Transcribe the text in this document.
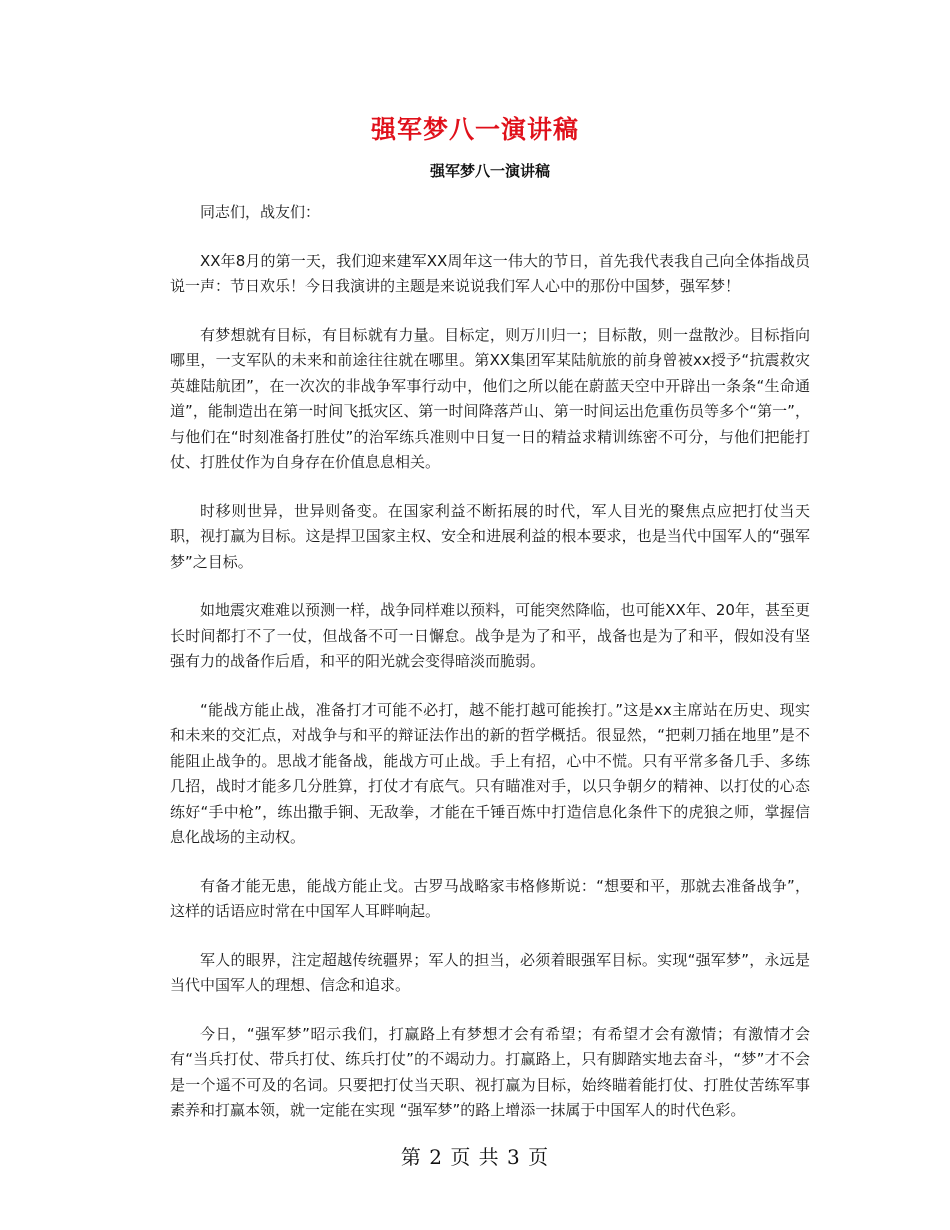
强军梦八一演讲稿
强军梦八一演讲稿

同志们，战友们：

XX年8月的第一天，我们迎来建军XX周年这一伟大的节日，首先我代表我自己向全体指战员说一声：节日欢乐！今日我演讲的主题是来说说我们军人心中的那份中国梦，强军梦！

有梦想就有目标，有目标就有力量。目标定，则万川归一；目标散，则一盘散沙。目标指向哪里，一支军队的未来和前途往往就在哪里。第XX集团军某陆航旅的前身曾被xx授予“抗震救灾英雄陆航团”，在一次次的非战争军事行动中，他们之所以能在蔚蓝天空中开辟出一条条“生命通道”，能制造出在第一时间飞抵灾区、第一时间降落芦山、第一时间运出危重伤员等多个“第一”，与他们在“时刻准备打胜仗”的治军练兵准则中日复一日的精益求精训练密不可分，与他们把能打仗、打胜仗作为自身存在价值息息相关。

时移则世异，世异则备变。在国家利益不断拓展的时代，军人目光的聚焦点应把打仗当天职，视打赢为目标。这是捍卫国家主权、安全和进展利益的根本要求，也是当代中国军人的“强军梦”之目标。

如地震灾难难以预测一样，战争同样难以预料，可能突然降临，也可能XX年、20年，甚至更长时间都打不了一仗，但战备不可一日懈怠。战争是为了和平，战备也是为了和平，假如没有坚强有力的战备作后盾，和平的阳光就会变得暗淡而脆弱。

“能战方能止战，准备打才可能不必打，越不能打越可能挨打。”这是xx主席站在历史、现实和未来的交汇点，对战争与和平的辩证法作出的新的哲学概括。很显然，“把刺刀插在地里”是不能阻止战争的。思战才能备战，能战方可止战。手上有招，心中不慌。只有平常多备几手、多练几招，战时才能多几分胜算，打仗才有底气。只有瞄准对手，以只争朝夕的精神、以打仗的心态练好“手中枪”，练出撒手锏、无敌拳，才能在千锤百炼中打造信息化条件下的虎狼之师，掌握信息化战场的主动权。

有备才能无患，能战方能止戈。古罗马战略家韦格修斯说：“想要和平，那就去准备战争”，这样的话语应时常在中国军人耳畔响起。

军人的眼界，注定超越传统疆界；军人的担当，必须着眼强军目标。实现“强军梦”，永远是当代中国军人的理想、信念和追求。

今日，“强军梦”昭示我们，打赢路上有梦想才会有希望；有希望才会有激情；有激情才会有“当兵打仗、带兵打仗、练兵打仗”的不竭动力。打赢路上，只有脚踏实地去奋斗，“梦”才不会是一个遥不可及的名词。只要把打仗当天职、视打赢为目标，始终瞄着能打仗、打胜仗苦练军事素养和打赢本领，就一定能在实现 “强军梦”的路上增添一抹属于中国军人的时代色彩。

第 2 页 共 3 页
